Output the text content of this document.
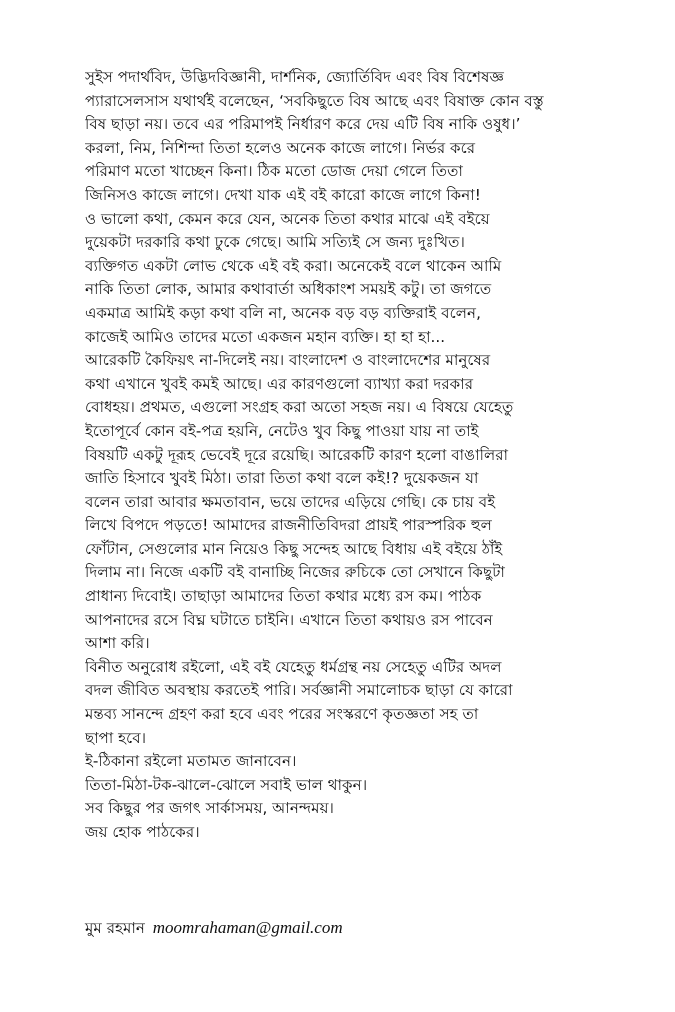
সুইস পদার্থবিদ, উদ্ভিদবিজ্ঞানী, দার্শনিক, জ্যোর্তিবিদ এবং বিষ বিশেষজ্ঞ
প্যারাসেলসাস যথার্থই বলেছেন, ‘সবকিছুতে বিষ আছে এবং বিষাক্ত কোন বস্তু
বিষ ছাড়া নয়। তবে এর পরিমাপই নির্ধারণ করে দেয় এটি বিষ নাকি ওষুধ।’
করলা, নিম, নিশিন্দা তিতা হলেও অনেক কাজে লাগে। নির্ভর করে
পরিমাণ মতো খাচ্ছেন কিনা। ঠিক মতো ডোজ দেয়া গেলে তিতা
জিনিসও কাজে লাগে। দেখা যাক এই বই কারো কাজে লাগে কিনা!
ও ভালো কথা, কেমন করে যেন, অনেক তিতা কথার মাঝে এই বইয়ে
দুয়েকটা দরকারি কথা ঢুকে গেছে। আমি সত্যিই সে জন্য দুঃখিত।
ব্যক্তিগত একটা লোভ থেকে এই বই করা। অনেকেই বলে থাকেন আমি
নাকি তিতা লোক, আমার কথাবার্তা অধিকাংশ সময়ই কটু। তা জগতে
একমাত্র আমিই কড়া কথা বলি না, অনেক বড় বড় ব্যক্তিরাই বলেন,
কাজেই আমিও তাদের মতো একজন মহান ব্যক্তি। হা হা হা...
আরেকটি কৈফিয়ৎ না-দিলেই নয়। বাংলাদেশ ও বাংলাদেশের মানুষের
কথা এখানে খুবই কমই আছে। এর কারণগুলো ব্যাখ্যা করা দরকার
বোধহয়। প্রথমত, এগুলো সংগ্রহ করা অতো সহজ নয়। এ বিষয়ে যেহেতু
ইতোপূর্বে কোন বই-পত্র হয়নি, নেটেও খুব কিছু পাওয়া যায় না তাই
বিষয়টি একটু দূরূহ ভেবেই দূরে রয়েছি। আরেকটি কারণ হলো বাঙালিরা
জাতি হিসাবে খুবই মিঠা। তারা তিতা কথা বলে কই!? দুয়েকজন যা
বলেন তারা আবার ক্ষমতাবান, ভয়ে তাদের এড়িয়ে গেছি। কে চায় বই
লিখে বিপদে পড়তে! আমাদের রাজনীতিবিদরা প্রায়ই পারস্পরিক হুল
ফোঁটান, সেগুলোর মান নিয়েও কিছু সন্দেহ আছে বিধায় এই বইয়ে ঠাঁই
দিলাম না। নিজে একটি বই বানাচ্ছি নিজের রুচিকে তো সেখানে কিছুটা
প্রাধান্য দিবোই। তাছাড়া আমাদের তিতা কথার মধ্যে রস কম। পাঠক
আপনাদের রসে বিঘ্ন ঘটাতে চাইনি। এখানে তিতা কথায়ও রস পাবেন
আশা করি।
বিনীত অনুরোধ রইলো, এই বই যেহেতু ধর্মগ্রন্থ নয় সেহেতু এটির অদল
বদল জীবিত অবস্থায় করতেই পারি। সর্বজ্ঞানী সমালোচক ছাড়া যে কারো
মন্তব্য সানন্দে গ্রহণ করা হবে এবং পরের সংস্করণে কৃতজ্ঞতা সহ তা
ছাপা হবে।
ই-ঠিকানা রইলো মতামত জানাবেন।
তিতা-মিঠা-টক-ঝালে-ঝোলে সবাই ভাল থাকুন।
সব কিছুর পর জগৎ সার্কাসময়, আনন্দময়।
জয় হোক পাঠকের।
মুম রহমান moomrahaman@gmail.com
